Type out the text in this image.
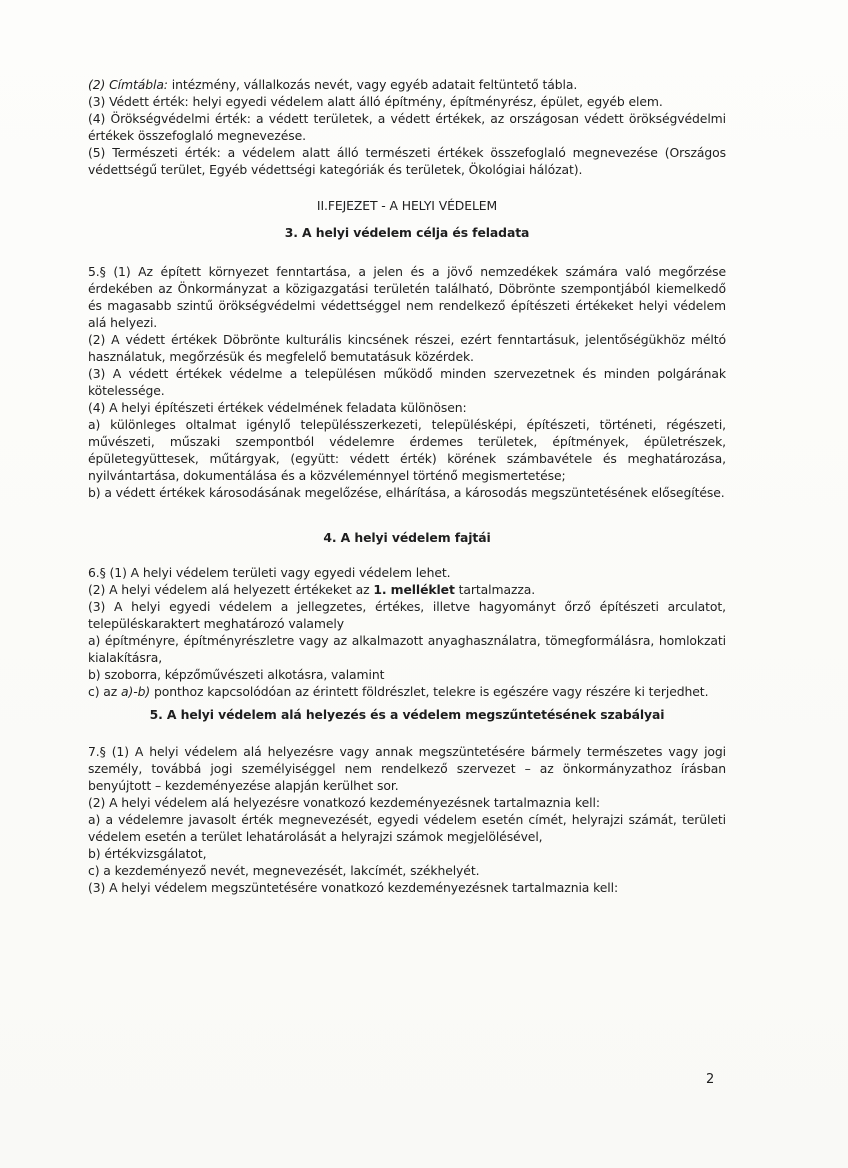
(2) Címtábla: intézmény, vállalkozás nevét, vagy egyéb adatait feltüntető tábla.

(3) Védett érték: helyi egyedi védelem alatt álló építmény, építményrész, épület, egyéb elem.

(4) Örökségvédelmi érték: a védett területek, a védett értékek, az országosan védett örökségvédelmi értékek összefoglaló megnevezése.

(5) Természeti érték: a védelem alatt álló természeti értékek összefoglaló megnevezése (Országos védettségű terület, Egyéb védettségi kategóriák és területek, Ökológiai hálózat).

II.FEJEZET - A HELYI VÉDELEM
3. A helyi védelem célja és feladata

5.§ (1) Az épített környezet fenntartása, a jelen és a jövő nemzedékek számára való megőrzése érdekében az Önkormányzat a közigazgatási területén található, Döbrönte szempontjából kiemelkedő és magasabb szintű örökségvédelmi védettséggel nem rendelkező építészeti értékeket helyi védelem alá helyezi.

(2) A védett értékek Döbrönte kulturális kincsének részei, ezért fenntartásuk, jelentőségükhöz méltó használatuk, megőrzésük és megfelelő bemutatásuk közérdek.

(3) A védett értékek védelme a településen működő minden szervezetnek és minden polgárának kötelessége.

(4) A helyi építészeti értékek védelmének feladata különösen:

a) különleges oltalmat igénylő településszerkezeti, településképi, építészeti, történeti, régészeti, művészeti, műszaki szempontból védelemre érdemes területek, építmények, épületrészek, épületegyüttesek, műtárgyak, (együtt: védett érték) körének számbavétele és meghatározása, nyilvántartása, dokumentálása és a közvéleménnyel történő megismertetése;

b) a védett értékek károsodásának megelőzése, elhárítása, a károsodás megszüntetésének elősegítése.

4. A helyi védelem fajtái

6.§ (1) A helyi védelem területi vagy egyedi védelem lehet.

(2) A helyi védelem alá helyezett értékeket az 1. melléklet tartalmazza.

(3) A helyi egyedi védelem a jellegzetes, értékes, illetve hagyományt őrző építészeti arculatot, településkaraktert meghatározó valamely

a) építményre, építményrészletre vagy az alkalmazott anyaghasználatra, tömegformálásra, homlokzati kialakításra,

b) szoborra, képzőművészeti alkotásra, valamint

c) az a)-b) ponthoz kapcsolódóan az érintett földrészlet, telekre is egészére vagy részére ki terjedhet.

5. A helyi védelem alá helyezés és a védelem megszűntetésének szabályai

7.§ (1) A helyi védelem alá helyezésre vagy annak megszüntetésére bármely természetes vagy jogi személy, továbbá jogi személyiséggel nem rendelkező szervezet – az önkormányzathoz írásban benyújtott – kezdeményezése alapján kerülhet sor.

(2) A helyi védelem alá helyezésre vonatkozó kezdeményezésnek tartalmaznia kell:

a) a védelemre javasolt érték megnevezését, egyedi védelem esetén címét, helyrajzi számát, területi védelem esetén a terület lehatárolását a helyrajzi számok megjelölésével,

b) értékvizsgálatot,

c) a kezdeményező nevét, megnevezését, lakcímét, székhelyét.

(3) A helyi védelem megszüntetésére vonatkozó kezdeményezésnek tartalmaznia kell:

2
